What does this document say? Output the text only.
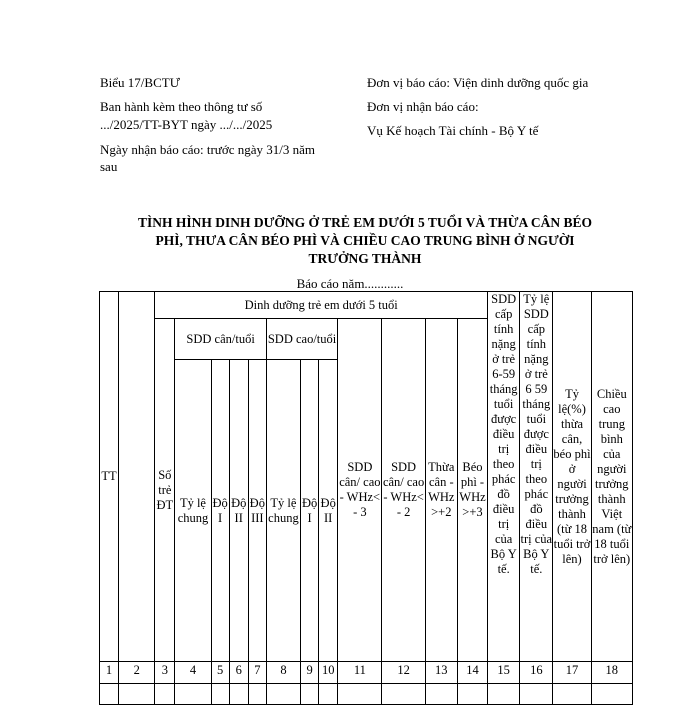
Biểu 17/BCTƯ
Ban hành kèm theo thông tư số
.../2025/TT-BYT ngày .../.../2025
Ngày nhận báo cáo: trước ngày 31/3 năm
sau
Đơn vị báo cáo: Viện dinh dưỡng quốc gia
Đơn vị nhận báo cáo:
Vụ Kế hoạch Tài chính - Bộ Y tế
TÌNH HÌNH DINH DƯỠNG Ở TRẺ EM DƯỚI 5 TUỔI VÀ THỪA CÂN BÉO
PHÌ, THƯA CÂN BÉO PHÌ VÀ CHIỀU CAO TRUNG BÌNH Ở NGƯỜI
TRƯỞNG THÀNH
Báo cáo năm............
TT		Dinh dưỡng trẻ em dưới 5 tuổi												SDD cấp tính nặng ở trẻ 6-59 tháng tuổi được điều trị theo phác đồ điều trị của Bộ Y tế.	Tỷ lệ SDD cấp tính nặng ở trẻ 6 59 tháng tuổi được điều trị theo phác đồ điều trị của Bộ Y tế.	Tỷ lệ(%) thừa cân, béo phì ở người trưởng thành (từ 18 tuổi trở lên)	Chiều cao trung bình của người trưởng thành Việt nam (từ 18 tuổi trở lên)
		Số trẻ ĐT	SDD cân/tuổi				SDD cao/tuổi			SDD cân/ cao - WHz< - 3	SDD cân/ cao - WHz< - 2	Thừa cân - WHz >+2	Béo phì - WHz >+3				
			Tỷ lệ chung	Độ I	Độ II	Độ III	Tỷ lệ chung	Độ I	Độ II								
1	2	3	4	5	6	7	8	9	10	11	12	13	14	15	16	17	18
